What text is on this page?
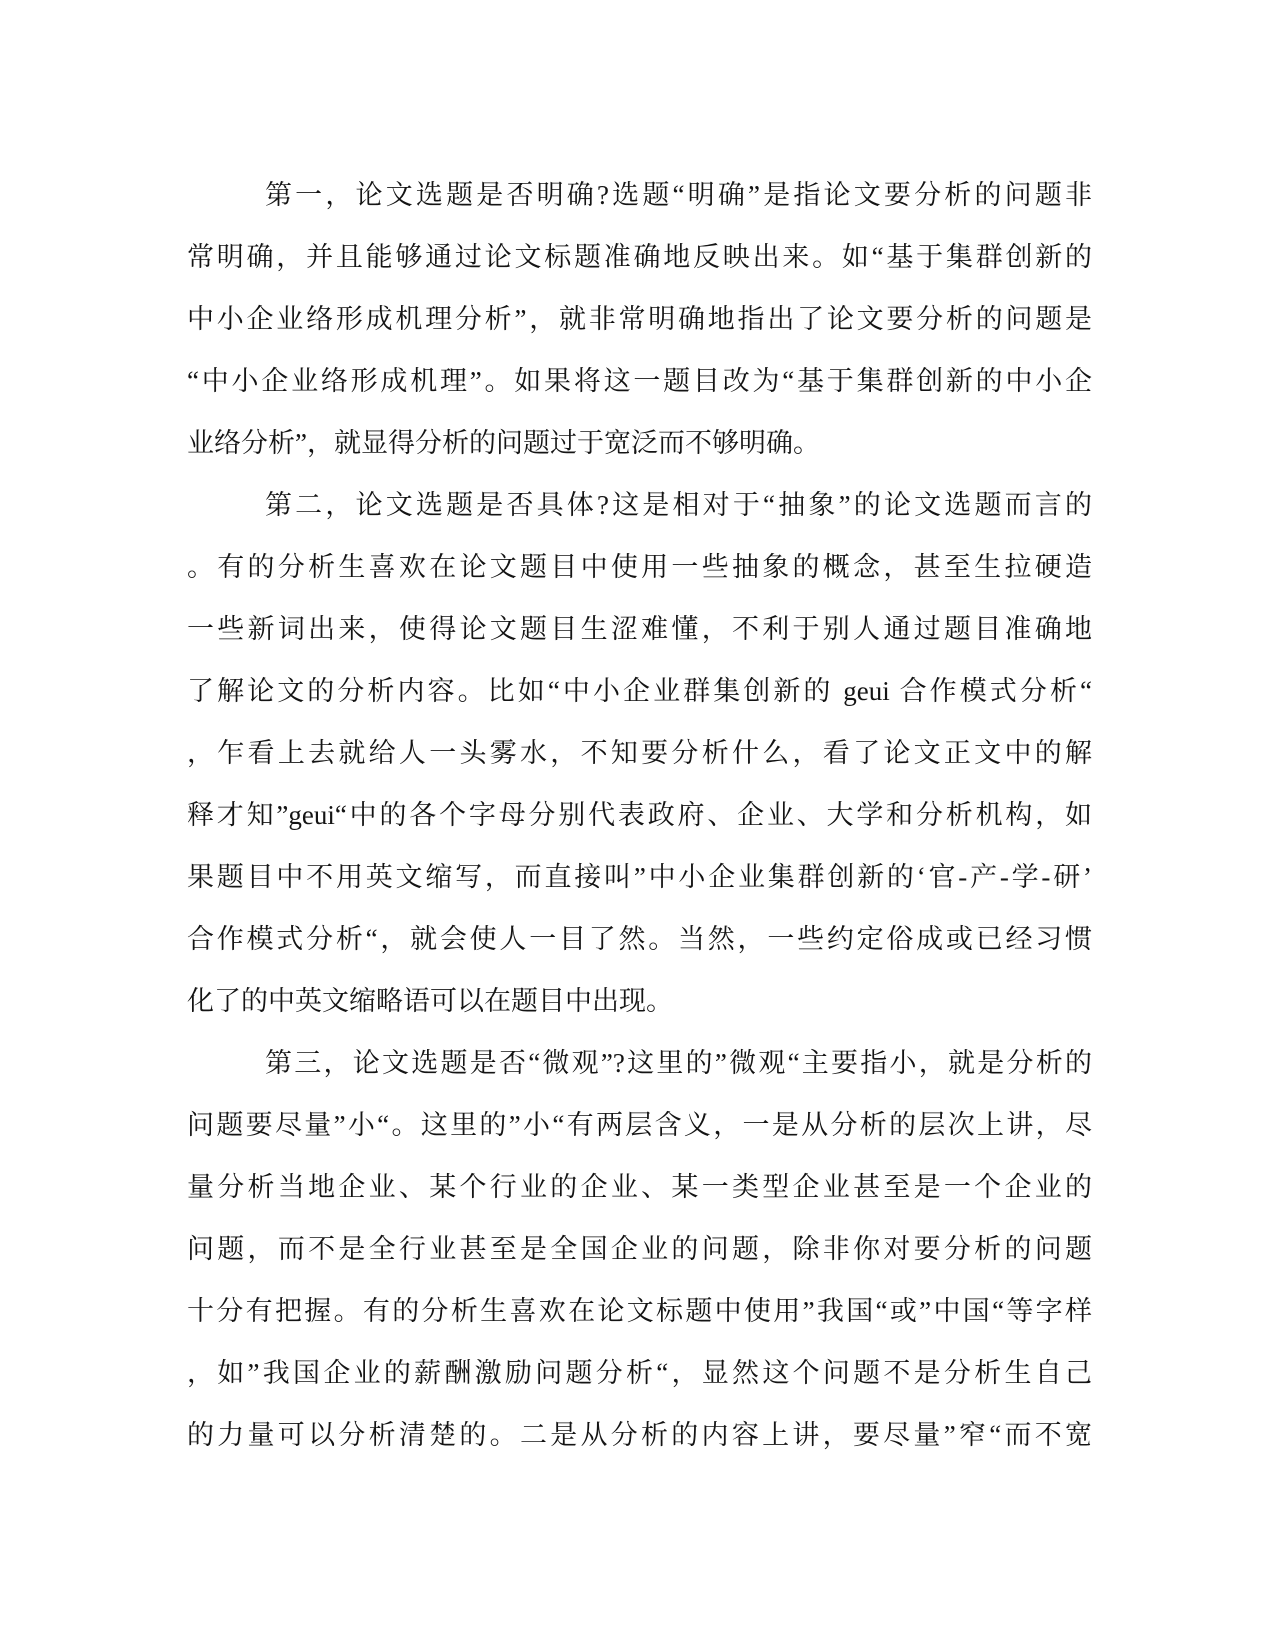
第一，论文选题是否明确?选题“明确”是指论文要分析的问题非
常明确，并且能够通过论文标题准确地反映出来。如“基于集群创新的
中小企业络形成机理分析”，就非常明确地指出了论文要分析的问题是
“中小企业络形成机理”。如果将这一题目改为“基于集群创新的中小企
业络分析”，就显得分析的问题过于宽泛而不够明确。
第二，论文选题是否具体?这是相对于“抽象”的论文选题而言的
。有的分析生喜欢在论文题目中使用一些抽象的概念，甚至生拉硬造
一些新词出来，使得论文题目生涩难懂，不利于别人通过题目准确地
了解论文的分析内容。比如“中小企业群集创新的 geui 合作模式分析“
，乍看上去就给人一头雾水，不知要分析什么，看了论文正文中的解
释才知”geui“中的各个字母分别代表政府、企业、大学和分析机构，如
果题目中不用英文缩写，而直接叫”中小企业集群创新的‘官-产-学-研’
合作模式分析“，就会使人一目了然。当然，一些约定俗成或已经习惯
化了的中英文缩略语可以在题目中出现。
第三，论文选题是否“微观”?这里的”微观“主要指小，就是分析的
问题要尽量”小“。这里的”小“有两层含义，一是从分析的层次上讲，尽
量分析当地企业、某个行业的企业、某一类型企业甚至是一个企业的
问题，而不是全行业甚至是全国企业的问题，除非你对要分析的问题
十分有把握。有的分析生喜欢在论文标题中使用”我国“或”中国“等字样
，如”我国企业的薪酬激励问题分析“，显然这个问题不是分析生自己
的力量可以分析清楚的。二是从分析的内容上讲，要尽量”窄“而不宽
